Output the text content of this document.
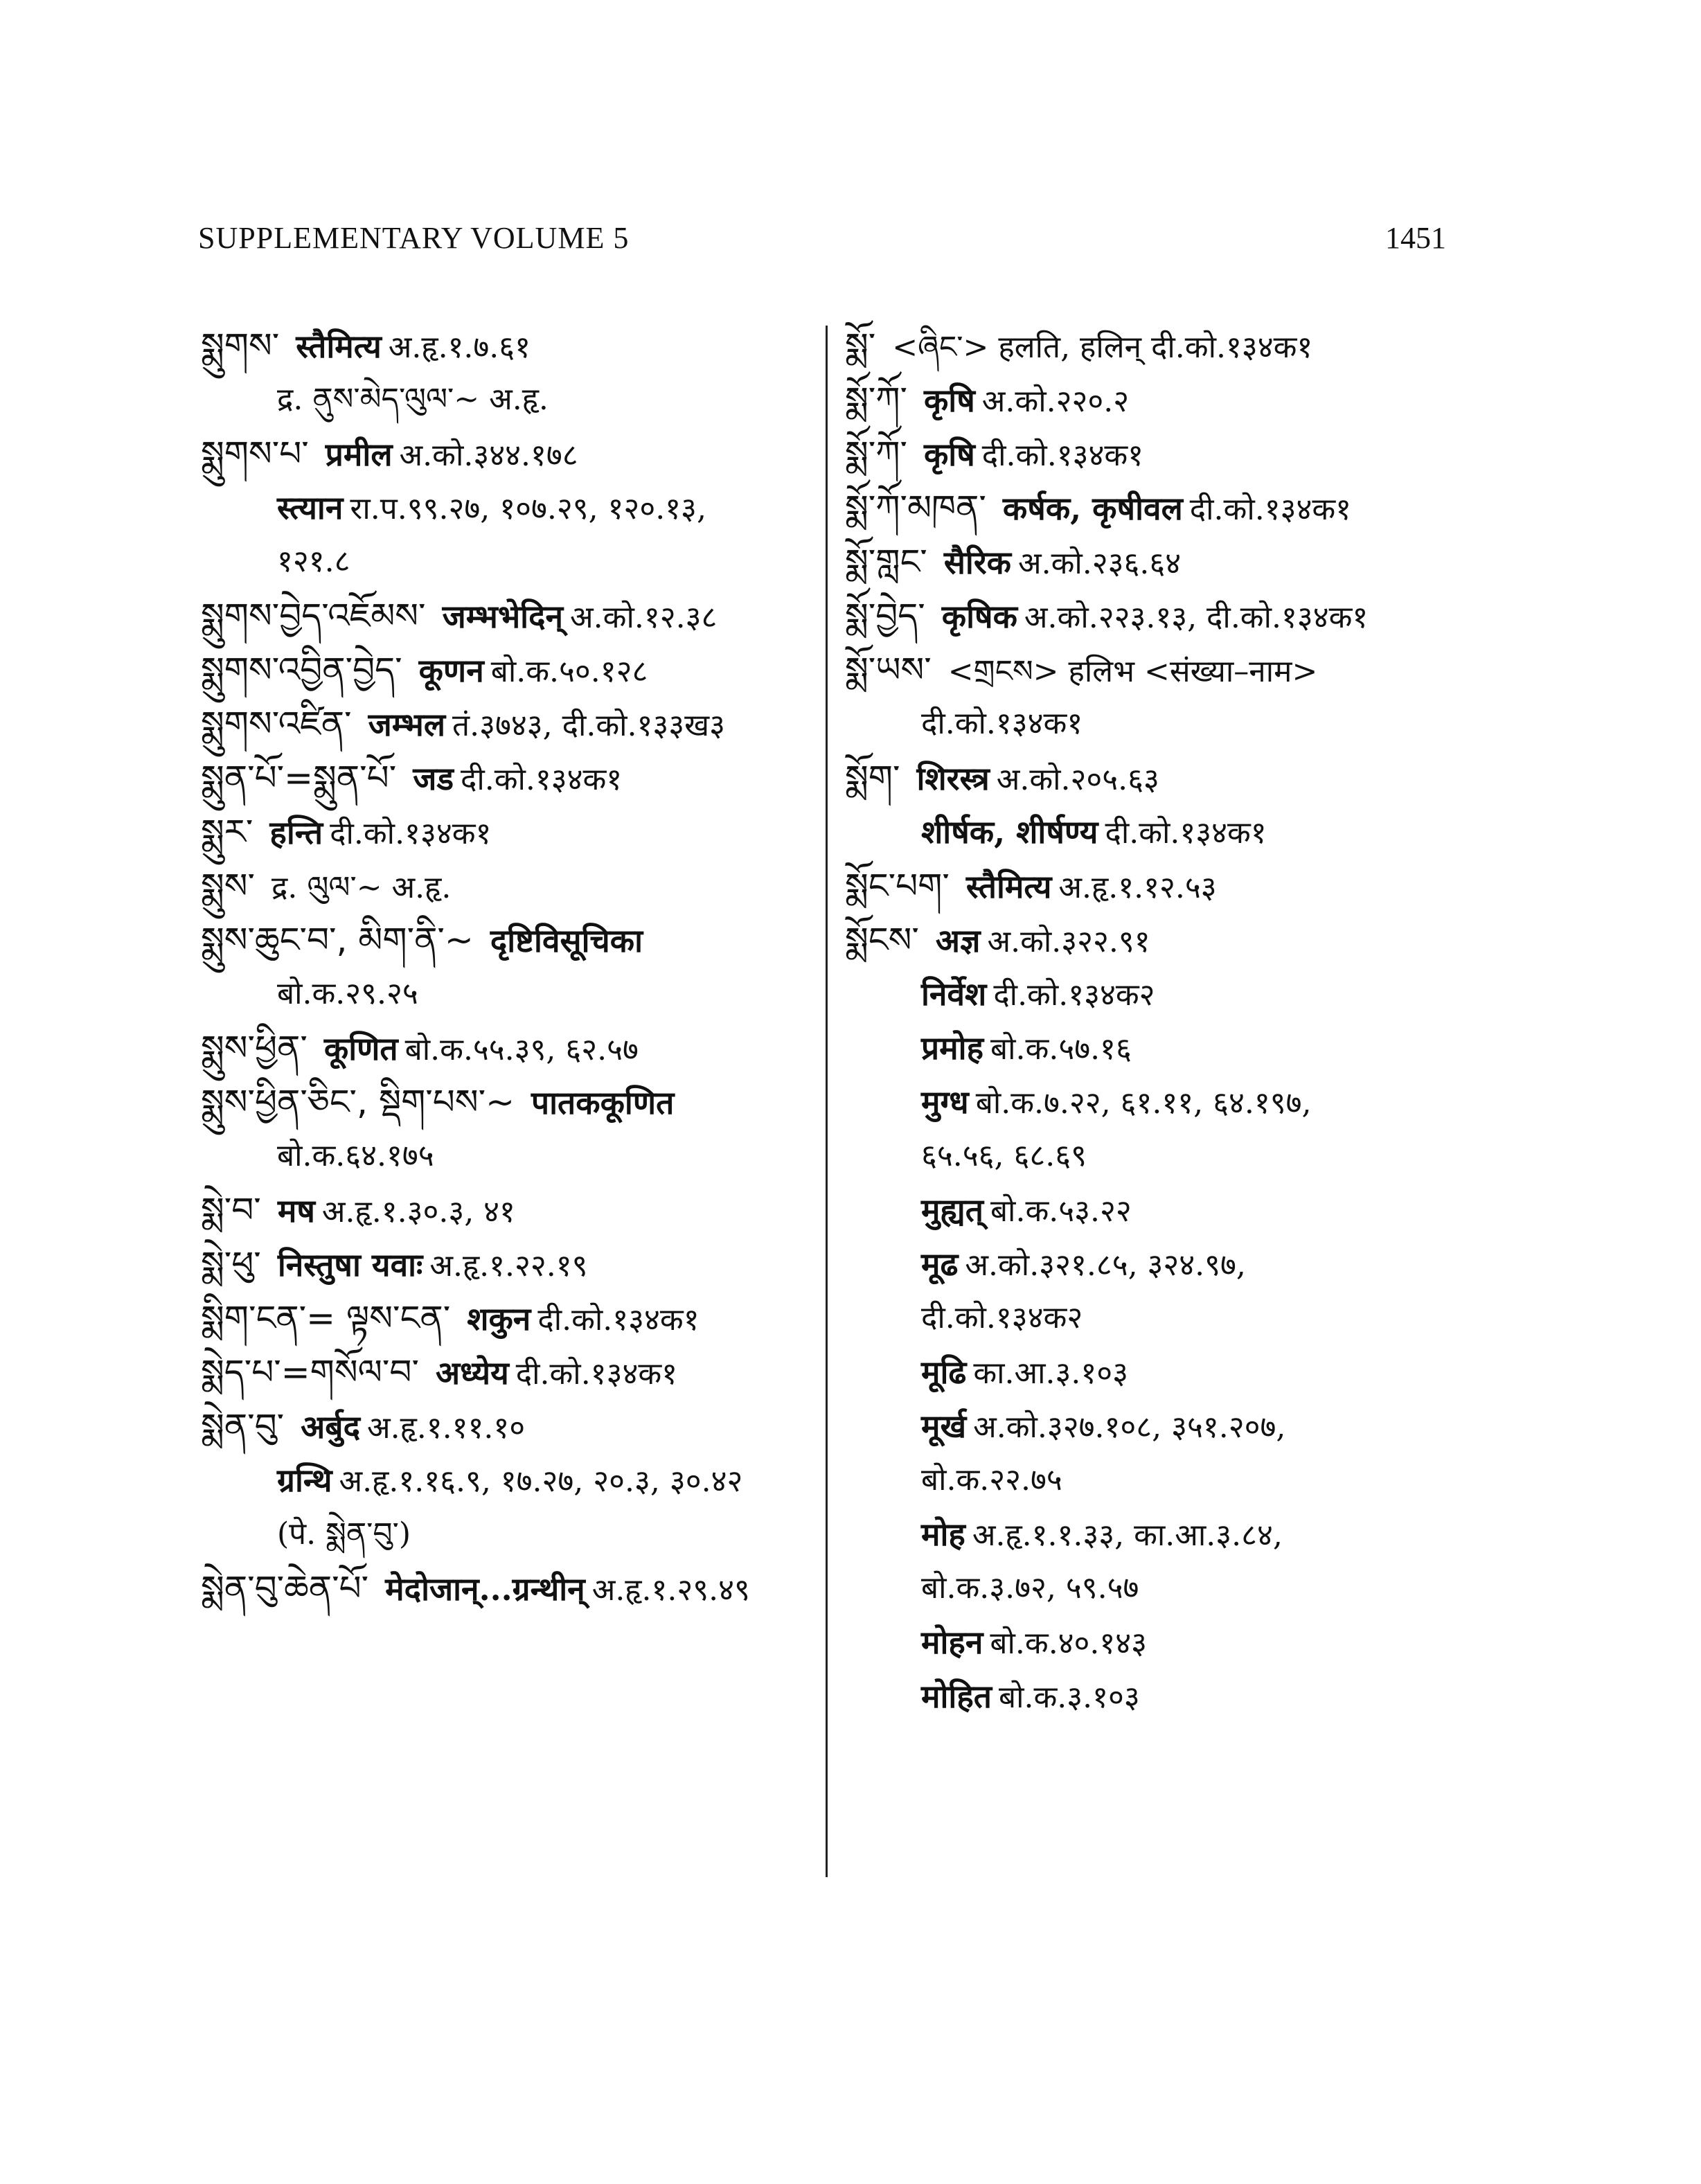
SUPPLEMENTARY VOLUME 5	1451
སྨུགས་ स्तैमित्य अ.हृ.१.७.६१
द्र. ནུས་མེད་ལུལ་~ अ.हृ.
སྨུགས་པ་ प्रमील अ.को.३४४.१७८
स्त्यान रा.प.९९.२७, १०७.२९, १२०.१३,
१२१.८
སྨུགས་བྱེད་འཇོམས་ जम्भभेदिन् अ.को.१२.३८
སྨུགས་འབྱིན་བྱེད་ कूणन बो.क.५०.१२८
སྨུགས་འཛིན་ जम्भल तं.३७४३, दी.को.१३३ख३
སྨུན་པོ་=སྨུན་པོ་ जड दी.को.१३४क१
སྨུར་ हन्ति दी.को.१३४क१
སྨུས་ द्र. ལུལ་~ अ.हृ.
སྨུས་ཆུང་བ་, མིག་ནི་~ दृष्टिविसूचिका
बो.क.२९.२५
སྨུས་ཕྱིན་ कूणित बो.क.५५.३९, ६२.५७
སྨུས་ཕྱིན་ཅིང་, སྡིག་པས་~ पातककूणित
बो.क.६४.१७५
སྨེ་བ་ मष अ.हृ.१.३०.३, ४१
སྨེ་ཕུ་ निस्तुषा यवाः अ.हृ.१.२२.१९
སྨིག་ངན་= ལྟས་ངན་ शकुन दी.को.१३४क१
སྨེད་པ་=གསོལ་བ་ अध्येय दी.को.१३४क१
སྨེན་བུ་ अर्बुद अ.हृ.१.११.१०
ग्रन्थि अ.हृ.१.१६.९, १७.२७, २०.३, ३०.४२
(पे. སྨེན་བུ་)
སྨེན་བུ་ཆེན་པོ་ मेदोजान्...ग्रन्थीन् अ.हृ.१.२९.४९
སྨོ་ <ཞིང་> हलति, हलिन् दी.को.१३४क१
སྨོ་ཀོ་ कृषि अ.को.२२०.२
སྨོ་ཀོ་ कृषि दी.को.१३४क१
སྨོ་ཀོ་མཁན་ कर्षक, कृषीवल दी.को.१३४क१
སྨོ་གླང་ सैरिक अ.को.२३६.६४
སྨོ་བྱེད་ कृषिक अ.को.२२३.१३, दी.को.१३४क१
སྨོ་ཡས་ <གྲངས> हलिभ <संख्या–नाम>
दी.को.१३४क१
སྨོག་ शिरस्त्र अ.को.२०५.६३
शीर्षक, शीर्षण्य दी.को.१३४क१
སྨོང་པག་ स्तैमित्य अ.हृ.१.१२.५३
སྨོངས་ अज्ञ अ.को.३२२.९१
निर्वेश दी.को.१३४क२
प्रमोह बो.क.५७.१६
मुग्ध बो.क.७.२२, ६१.११, ६४.१९७,
६५.५६, ६८.६९
मुह्यत् बो.क.५३.२२
मूढ अ.को.३२१.८५, ३२४.९७,
दी.को.१३४क२
मूढि का.आ.३.१०३
मूर्ख अ.को.३२७.१०८, ३५१.२०७,
बो.क.२२.७५
मोह अ.हृ.१.१.३३, का.आ.३.८४,
बो.क.३.७२, ५९.५७
मोहन बो.क.४०.१४३
मोहित बो.क.३.१०३
